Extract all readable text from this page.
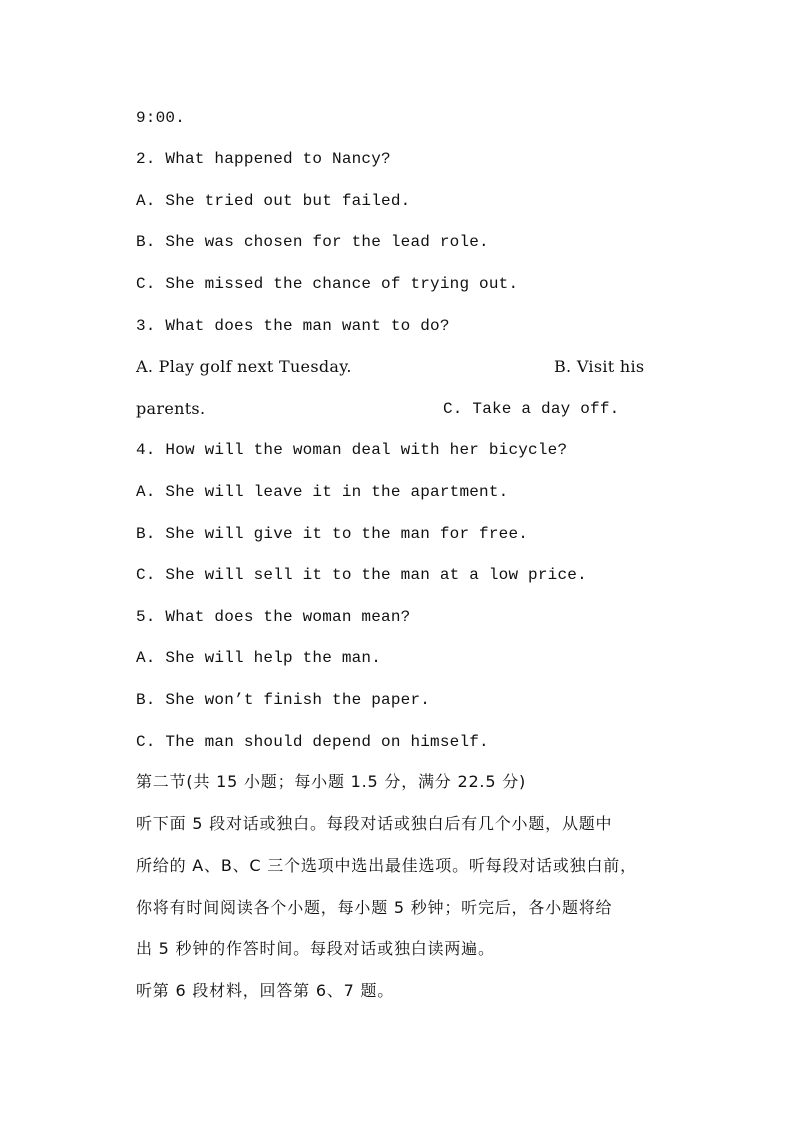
9:00.
2. What happened to Nancy?
A. She tried out but failed.
B. She was chosen for the lead role.
C. She missed the chance of trying out.
3. What does the man want to do?
A. Play golf next Tuesday.	B. Visit his
parents.	C. Take a day off.
4. How will the woman deal with her bicycle?
A. She will leave it in the apartment.
B. She will give it to the man for free.
C. She will sell it to the man at a low price.
5. What does the woman mean?
A. She will help the man.
B. She won’t finish the paper.
C. The man should depend on himself.
第二节(共 15 小题；每小题 1.5 分，满分 22.5 分)
听下面 5 段对话或独白。每段对话或独白后有几个小题，从题中
所给的 A、B、C 三个选项中选出最佳选项。听每段对话或独白前，
你将有时间阅读各个小题，每小题 5 秒钟；听完后，各小题将给
出 5 秒钟的作答时间。每段对话或独白读两遍。
听第 6 段材料，回答第 6、7 题。
